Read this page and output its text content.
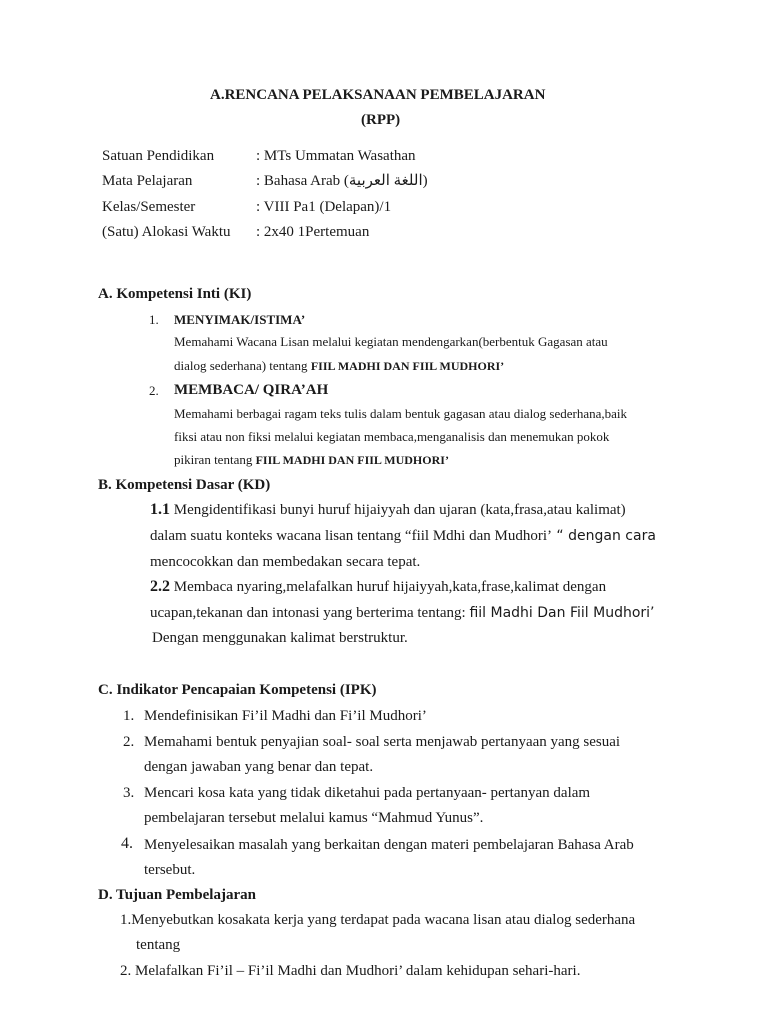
A.RENCANA PELAKSANAAN PEMBELAJARAN
(RPP)
Satuan Pendidikan	: MTs Ummatan Wasathan
Mata Pelajaran	: Bahasa Arab (اللغة العربية)
Kelas/Semester	: VIII Pa1 (Delapan)/1
(Satu) Alokasi Waktu : 2x40 1Pertemuan
A. Kompetensi Inti (KI)
1. MENYIMAK/ISTIMA’
Memahami Wacana Lisan melalui kegiatan mendengarkan(berbentuk Gagasan atau
dialog sederhana) tentang FIIL MADHI DAN FIIL MUDHORI’
2. MEMBACA/ QIRA’AH
Memahami berbagai ragam teks tulis dalam bentuk gagasan atau dialog sederhana,baik
fiksi atau non fiksi melalui kegiatan membaca,menganalisis dan menemukan pokok
pikiran tentang FIIL MADHI DAN FIIL MUDHORI’
B. Kompetensi Dasar (KD)
1.1 Mengidentifikasi bunyi huruf hijaiyyah dan ujaran (kata,frasa,atau kalimat)
dalam suatu konteks wacana lisan tentang “fiil Mdhi dan Mudhori’ “ dengan cara
mencocokkan dan membedakan secara tepat.
2.2 Membaca nyaring,melafalkan huruf hijaiyyah,kata,frase,kalimat dengan
ucapan,tekanan dan intonasi yang berterima tentang: fiil Madhi Dan Fiil Mudhori’
Dengan menggunakan kalimat berstruktur.
C. Indikator Pencapaian Kompetensi (IPK)
1. Mendefinisikan Fi’il Madhi dan Fi’il Mudhori’
2. Memahami bentuk penyajian soal- soal serta menjawab pertanyaan yang sesuai
dengan jawaban yang benar dan tepat.
3. Mencari kosa kata yang tidak diketahui pada pertanyaan- pertanyan dalam
pembelajaran tersebut melalui kamus “Mahmud Yunus”.
4. Menyelesaikan masalah yang berkaitan dengan materi pembelajaran Bahasa Arab
tersebut.
D. Tujuan Pembelajaran
1.Menyebutkan kosakata kerja yang terdapat pada wacana lisan atau dialog sederhana
tentang
2. Melafalkan Fi’il – Fi’il Madhi dan Mudhori’ dalam kehidupan sehari-hari.
